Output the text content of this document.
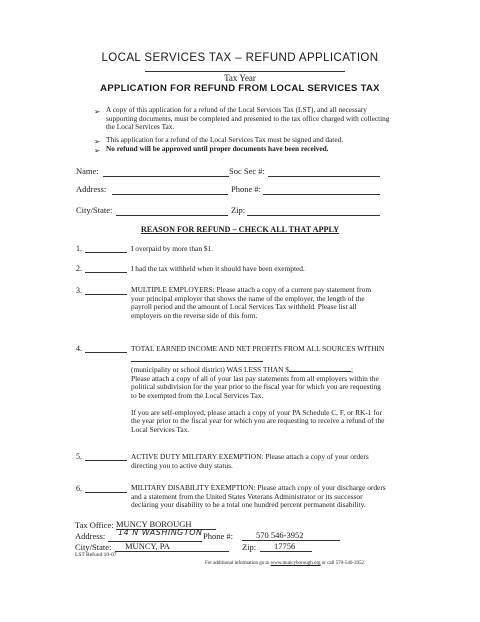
LOCAL SERVICES TAX – REFUND APPLICATION
Tax Year
APPLICATION FOR REFUND FROM LOCAL SERVICES TAX
➢ A copy of this application for a refund of the Local Services Tax (LST), and all necessary supporting documents, must be completed and presented to the tax office charged with collecting the Local Services Tax.
➢ This application for a refund of the Local Services Tax must be signed and dated.
➢ No refund will be approved until proper documents have been received.
Name:	Soc Sec #:
Address:	Phone #:
City/State:	Zip:
REASON FOR REFUND – CHECK ALL THAT APPLY
1.	I overpaid by more than $1.
2.	I had the tax withheld when it should have been exempted.
3.	MULTIPLE EMPLOYERS: Please attach a copy of a current pay statement from your principal employer that shows the name of the employer, the length of the payroll period and the amount of Local Services Tax withheld. Please list all employers on the reverse side of this form.
4.	TOTAL EARNED INCOME AND NET PROFITS FROM ALL SOURCES WITHIN
(municipality or school district) WAS LESS THAN $	;
Please attach a copy of all of your last pay statements from all employers within the political subdivision for the year prior to the fiscal year for which you are requesting to be exempted from the Local Services Tax.
If you are self-employed, please attach a copy of your PA Schedule C, F, or RK-1 for the year prior to the fiscal year for which you are requesting to receive a refund of the Local Services Tax.
5.	ACTIVE DUTY MILITARY EXEMPTION: Please attach a copy of your orders directing you to active duty status.
6.	MILITARY DISABILITY EXEMPTION: Please attach copy of your discharge orders and a statement from the United States Veterans Administrator or its successor declaring your disability to be a total one hundred percent permanent disability.
Tax Office: MUNCY BOROUGH
Address: 14 N WASHINGTON Phone #:	570 546-3952
City/State:	MUNCY, PA	Zip:	17756
LST Refund 10-07
For additional information go to www.muncyborough.org or call 570-546-3952
